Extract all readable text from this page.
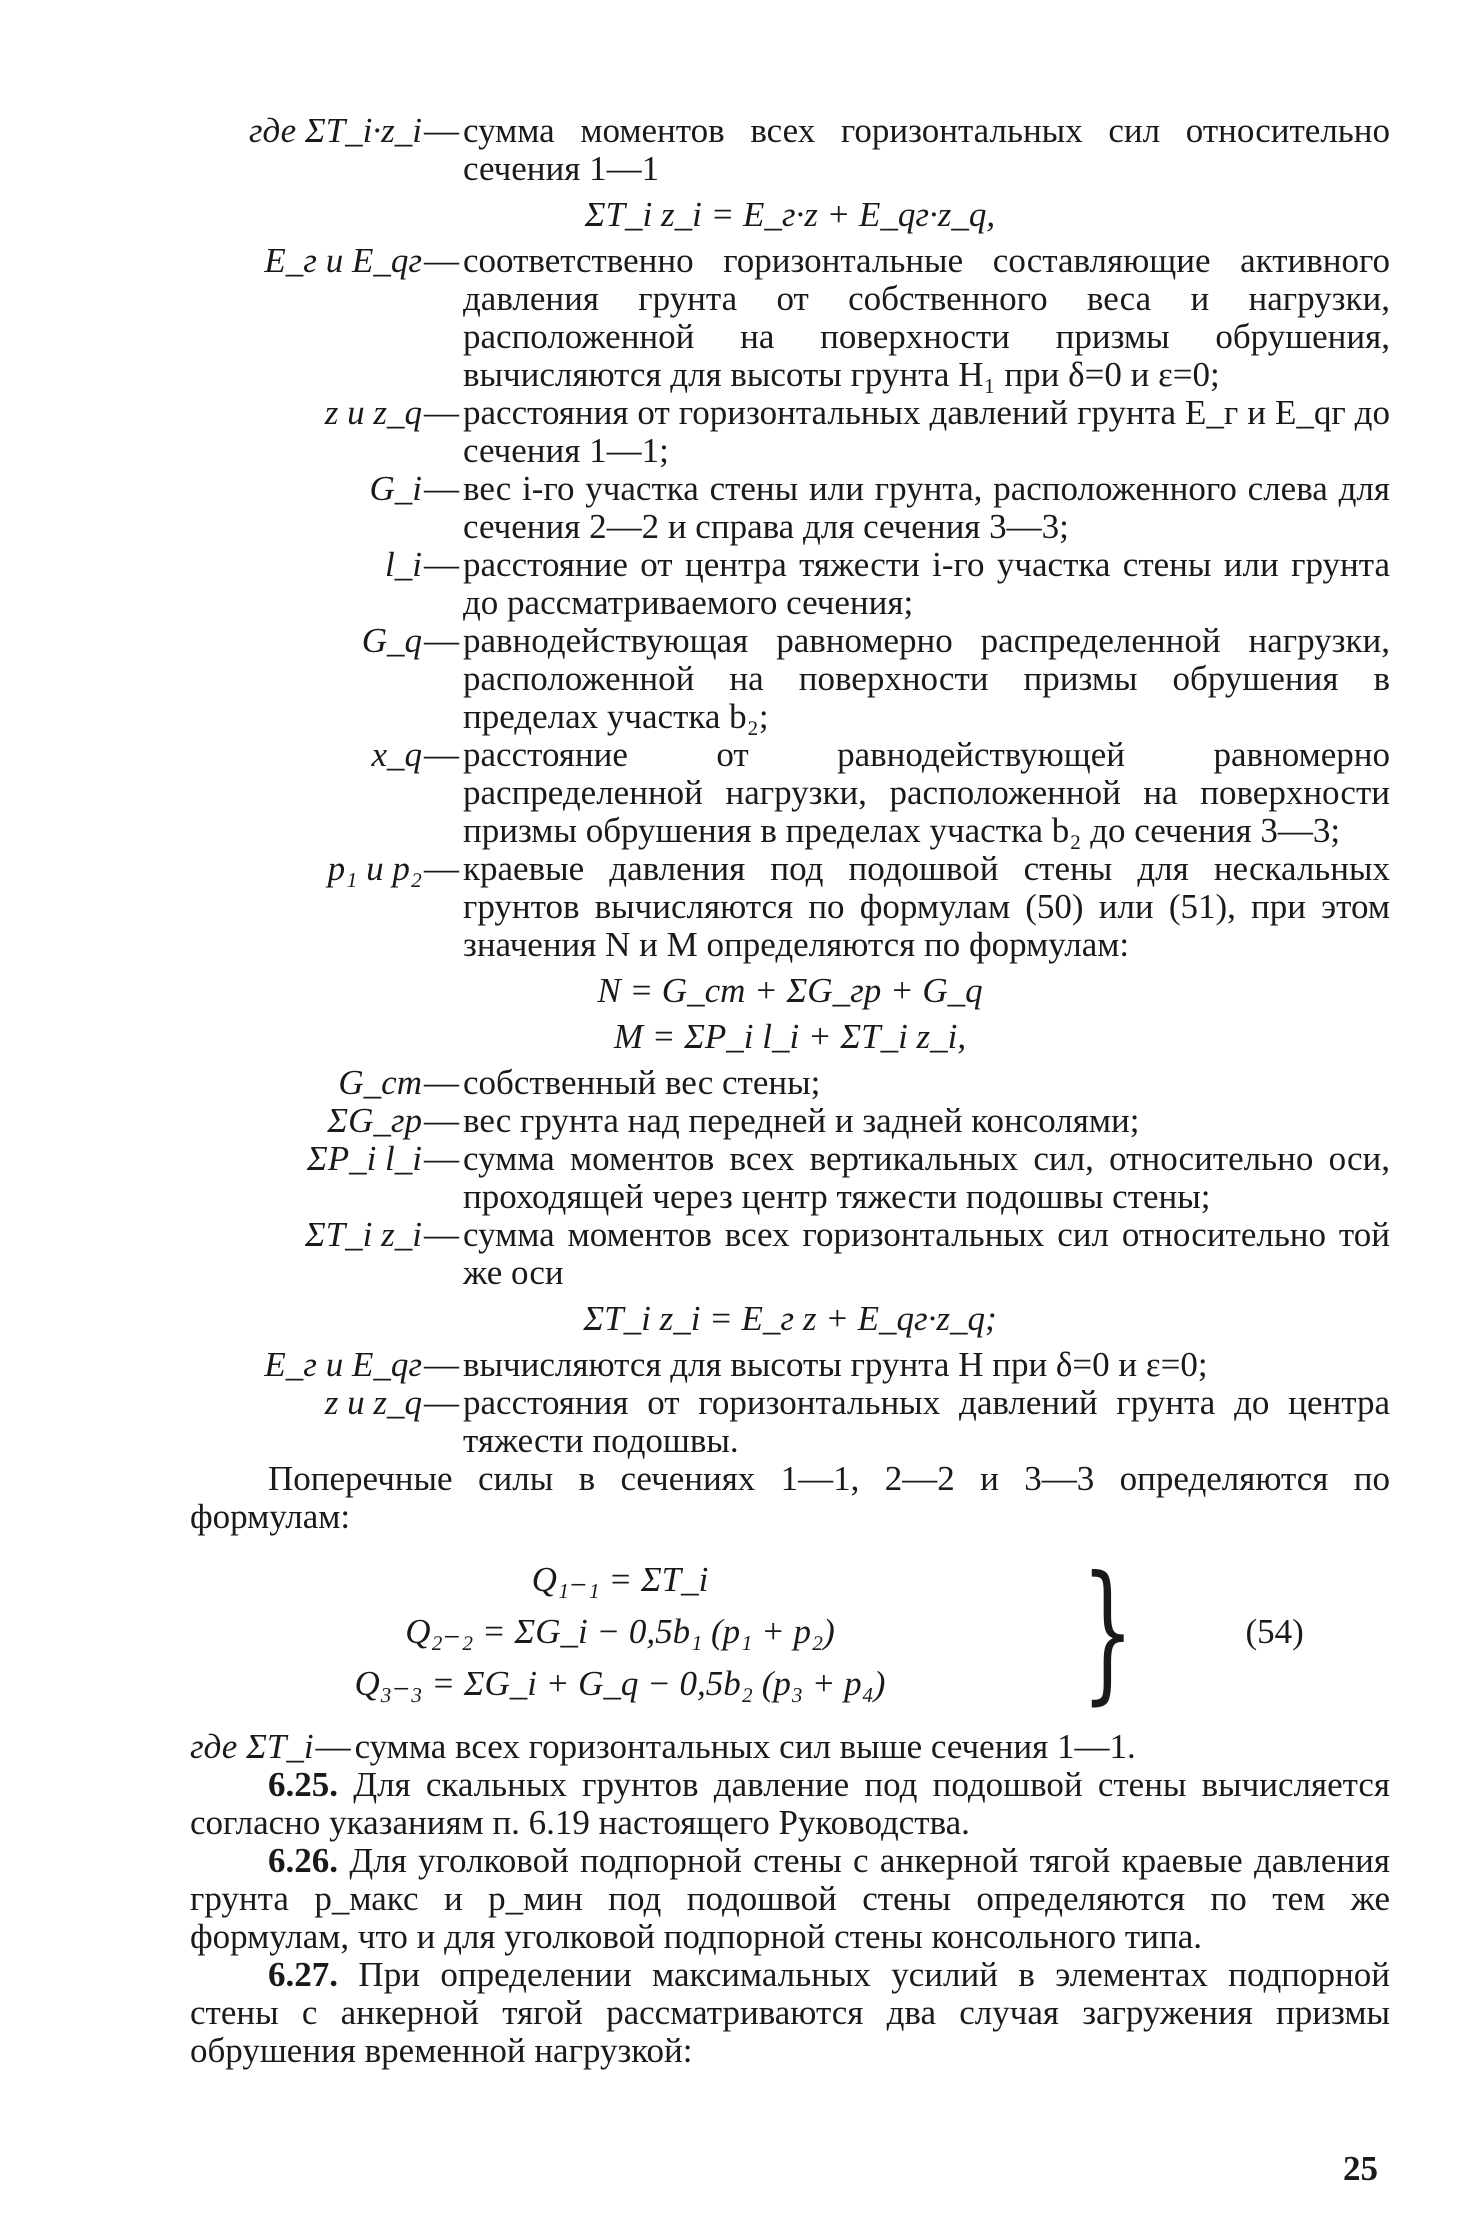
где ΣT_i·z_i — сумма моментов всех горизонтальных сил относительно сечения 1—1
ΣT_i z_i = E_г·z + E_qг·z_q,
E_г и E_qг — соответственно горизонтальные составляющие активного давления грунта от собственного веса и нагрузки, расположенной на поверхности призмы обрушения, вычисляются для высоты грунта H₁ при δ=0 и ε=0;
z и z_q — расстояния от горизонтальных давлений грунта E_г и E_qг до сечения 1—1;
G_i — вес i-го участка стены или грунта, расположенного слева для сечения 2—2 и справа для сечения 3—3;
l_i — расстояние от центра тяжести i-го участка стены или грунта до рассматриваемого сечения;
G_q — равнодействующая равномерно распределенной нагрузки, расположенной на поверхности призмы обрушения в пределах участка b₂;
x_q — расстояние от равнодействующей равномерно распределенной нагрузки, расположенной на поверхности призмы обрушения в пределах участка b₂ до сечения 3—3;
p₁ и p₂ — краевые давления под подошвой стены для нескальных грунтов вычисляются по формулам (50) или (51), при этом значения N и M определяются по формулам:
N = G_ст + ΣG_гр + G_q
M = ΣP_i l_i + ΣT_i z_i,
G_ст — собственный вес стены;
ΣG_гр — вес грунта над передней и задней консолями;
ΣP_i l_i — сумма моментов всех вертикальных сил, относительно оси, проходящей через центр тяжести подошвы стены;
ΣT_i z_i — сумма моментов всех горизонтальных сил относительно той же оси
ΣT_i z_i = E_г z + E_qг·z_q;
E_г и E_qг — вычисляются для высоты грунта H при δ=0 и ε=0;
z и z_q — расстояния от горизонтальных давлений грунта до центра тяжести подошвы.

Поперечные силы в сечениях 1—1, 2—2 и 3—3 определяются по формулам:

Q₁₋₁ = ΣT_i
Q₂₋₂ = ΣG_i − 0,5b₁ (p₁ + p₂)
Q₃₋₃ = ΣG_i + G_q − 0,5b₂ (p₃ + p₄)	}	(54)
где ΣT_i — сумма всех горизонтальных сил выше сечения 1—1.

6.25. Для скальных грунтов давление под подошвой стены вычисляется согласно указаниям п. 6.19 настоящего Руководства.

6.26. Для уголковой подпорной стены с анкерной тягой краевые давления грунта p_макс и p_мин под подошвой стены определяются по тем же формулам, что и для уголковой подпорной стены консольного типа.

6.27. При определении максимальных усилий в элементах подпорной стены с анкерной тягой рассматриваются два случая загружения призмы обрушения временной нагрузкой:

25
